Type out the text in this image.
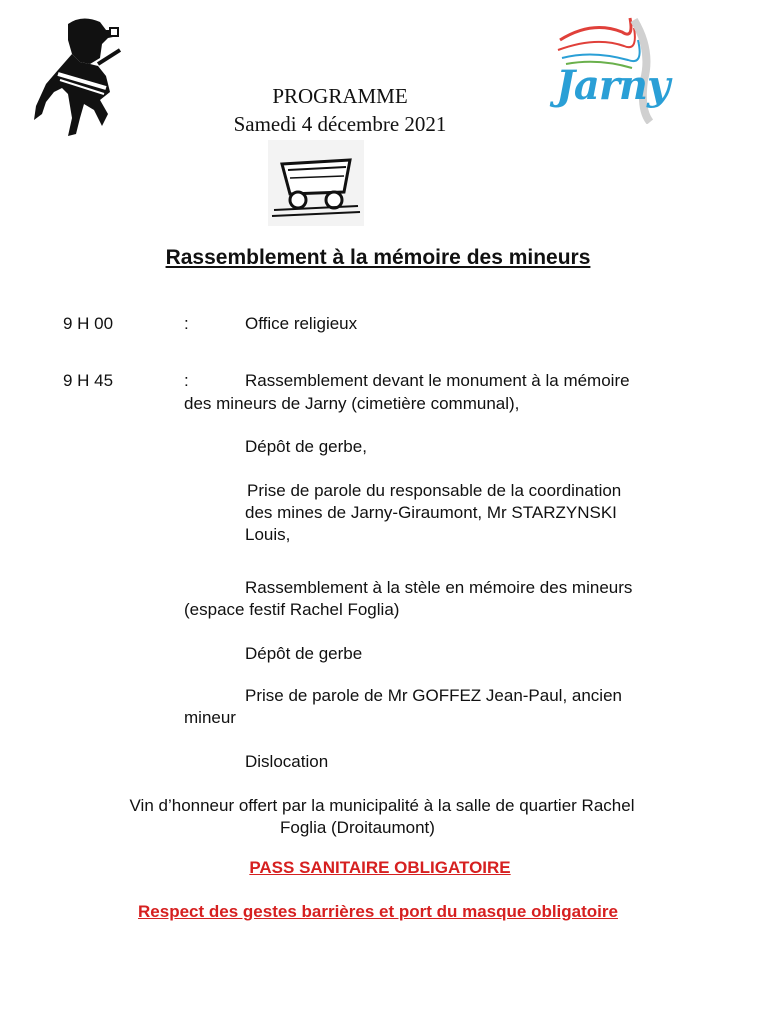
Jarny
PROGRAMME
Samedi 4 décembre 2021
Rassemblement à la mémoire des mineurs
9 H 00	:	Office religieux
9 H 45	:	Rassemblement devant le monument à la mémoire
des mineurs de Jarny (cimetière communal),
Dépôt de gerbe,
Prise de parole du responsable de la coordination
des mines de Jarny-Giraumont, Mr STARZYNSKI
Louis,
Rassemblement à la stèle en mémoire des mineurs
(espace festif Rachel Foglia)
Dépôt de gerbe
Prise de parole de Mr GOFFEZ Jean-Paul, ancien
mineur
Dislocation
Vin d’honneur offert par la municipalité à la salle de quartier Rachel
Foglia (Droitaumont)
PASS SANITAIRE OBLIGATOIRE
Respect des gestes barrières et port du masque obligatoire
